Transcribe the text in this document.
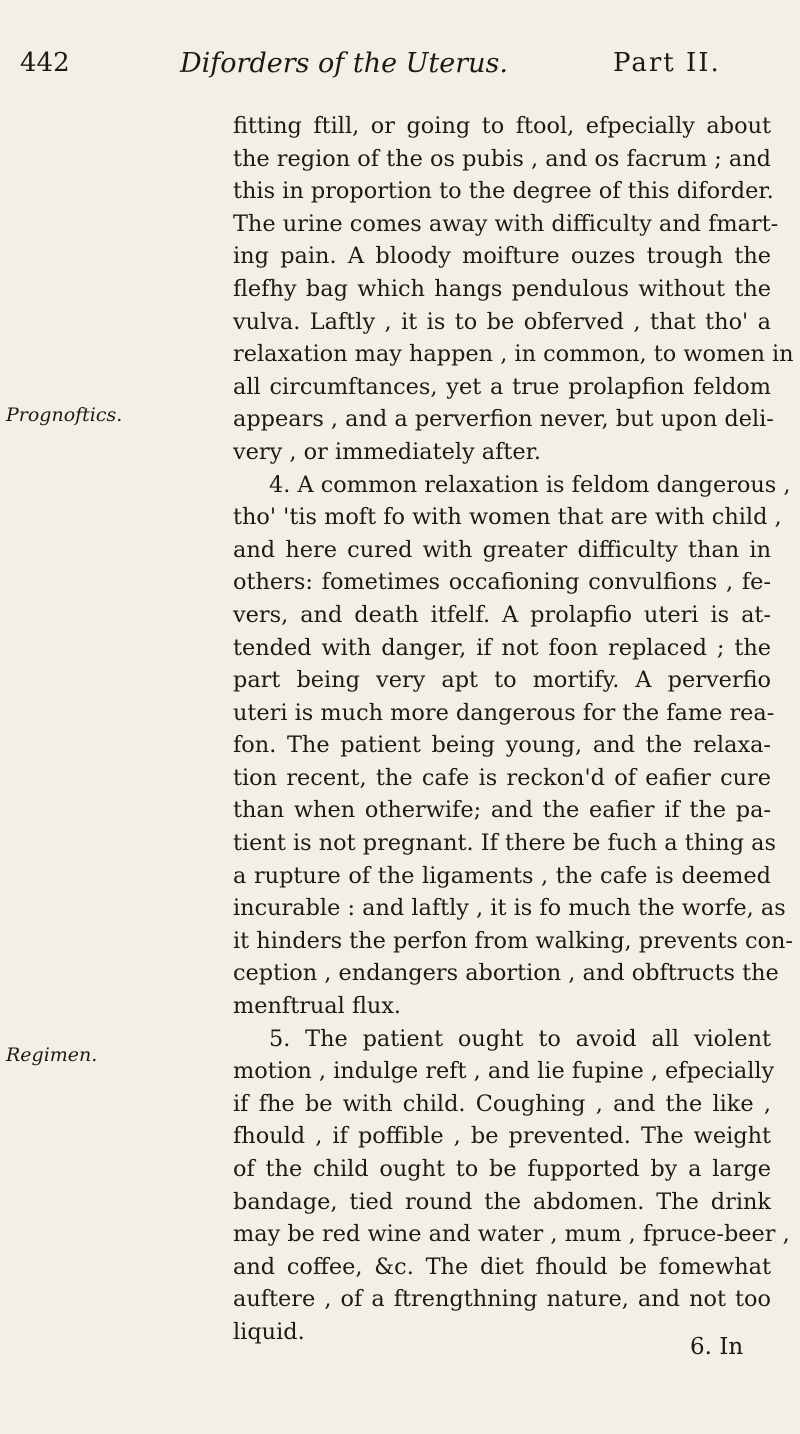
442	Diforders of the Uterus.	Part II.
Prognoftics.
Regimen.
fitting ftill, or going to ftool, efpecially about
the region of the os pubis , and os facrum ; and
this in proportion to the degree of this diforder.
The urine comes away with difficulty and fmart-
ing pain. A bloody moifture ouzes trough the
flefhy bag which hangs pendulous without the
vulva. Laftly , it is to be obferved , that tho' a
relaxation may happen , in common, to women in
all circumftances, yet a true prolapfion feldom
appears , and a perverfion never, but upon deli-
very , or immediately after.
4. A common relaxation is feldom dangerous ,
tho' 'tis moft fo with women that are with child ,
and here cured with greater difficulty than in
others: fometimes occafioning convulfions , fe-
vers, and death itfelf. A prolapfio uteri is at-
tended with danger, if not foon replaced ; the
part being very apt to mortify. A perverfio
uteri is much more dangerous for the fame rea-
fon. The patient being young, and the relaxa-
tion recent, the cafe is reckon'd of eafier cure
than when otherwife; and the eafier if the pa-
tient is not pregnant. If there be fuch a thing as
a rupture of the ligaments , the cafe is deemed
incurable : and laftly , it is fo much the worfe, as
it hinders the perfon from walking, prevents con-
ception , endangers abortion , and obftructs the
menftrual flux.
5. The patient ought to avoid all violent
motion , indulge reft , and lie fupine , efpecially
if fhe be with child. Coughing , and the like ,
fhould , if poffible , be prevented. The weight
of the child ought to be fupported by a large
bandage, tied round the abdomen. The drink
may be red wine and water , mum , fpruce-beer ,
and coffee, &c. The diet fhould be fomewhat
auftere , of a ftrengthning nature, and not too
liquid.
6. In
